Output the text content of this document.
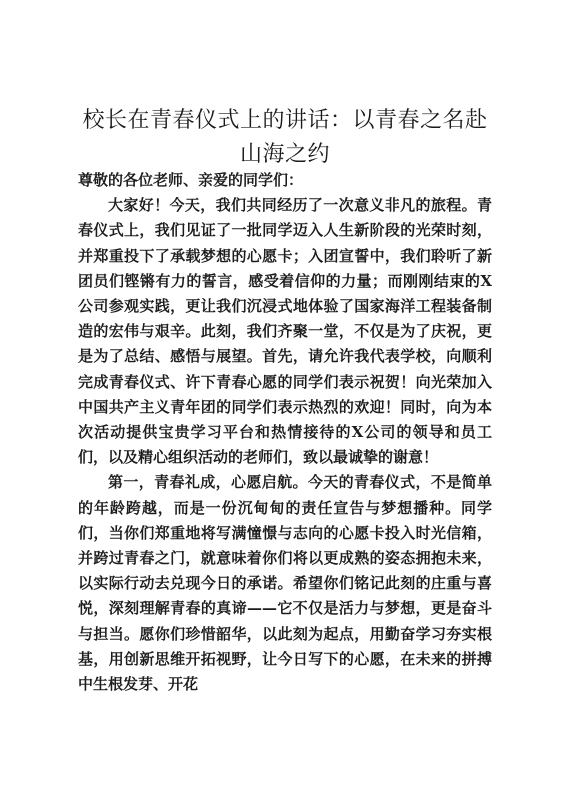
校长在青春仪式上的讲话：以青春之名赴山海之约

尊敬的各位老师、亲爱的同学们：

大家好！今天，我们共同经历了一次意义非凡的旅程。青春仪式上，我们见证了一批同学迈入人生新阶段的光荣时刻，并郑重投下了承载梦想的心愿卡；入团宣誓中，我们聆听了新团员们铿锵有力的誓言，感受着信仰的力量；而刚刚结束的X公司参观实践，更让我们沉浸式地体验了国家海洋工程装备制造的宏伟与艰辛。此刻，我们齐聚一堂，不仅是为了庆祝，更是为了总结、感悟与展望。首先，请允许我代表学校，向顺利完成青春仪式、许下青春心愿的同学们表示祝贺！向光荣加入中国共产主义青年团的同学们表示热烈的欢迎！同时，向为本次活动提供宝贵学习平台和热情接待的X公司的领导和员工们，以及精心组织活动的老师们，致以最诚挚的谢意！

第一，青春礼成，心愿启航。今天的青春仪式，不是简单的年龄跨越，而是一份沉甸甸的责任宣告与梦想播种。同学们，当你们郑重地将写满憧憬与志向的心愿卡投入时光信箱，并跨过青春之门，就意味着你们将以更成熟的姿态拥抱未来，以实际行动去兑现今日的承诺。希望你们铭记此刻的庄重与喜悦，深刻理解青春的真谛——它不仅是活力与梦想，更是奋斗与担当。愿你们珍惜韶华，以此刻为起点，用勤奋学习夯实根基，用创新思维开拓视野，让今日写下的心愿，在未来的拼搏中生根发芽、开花
